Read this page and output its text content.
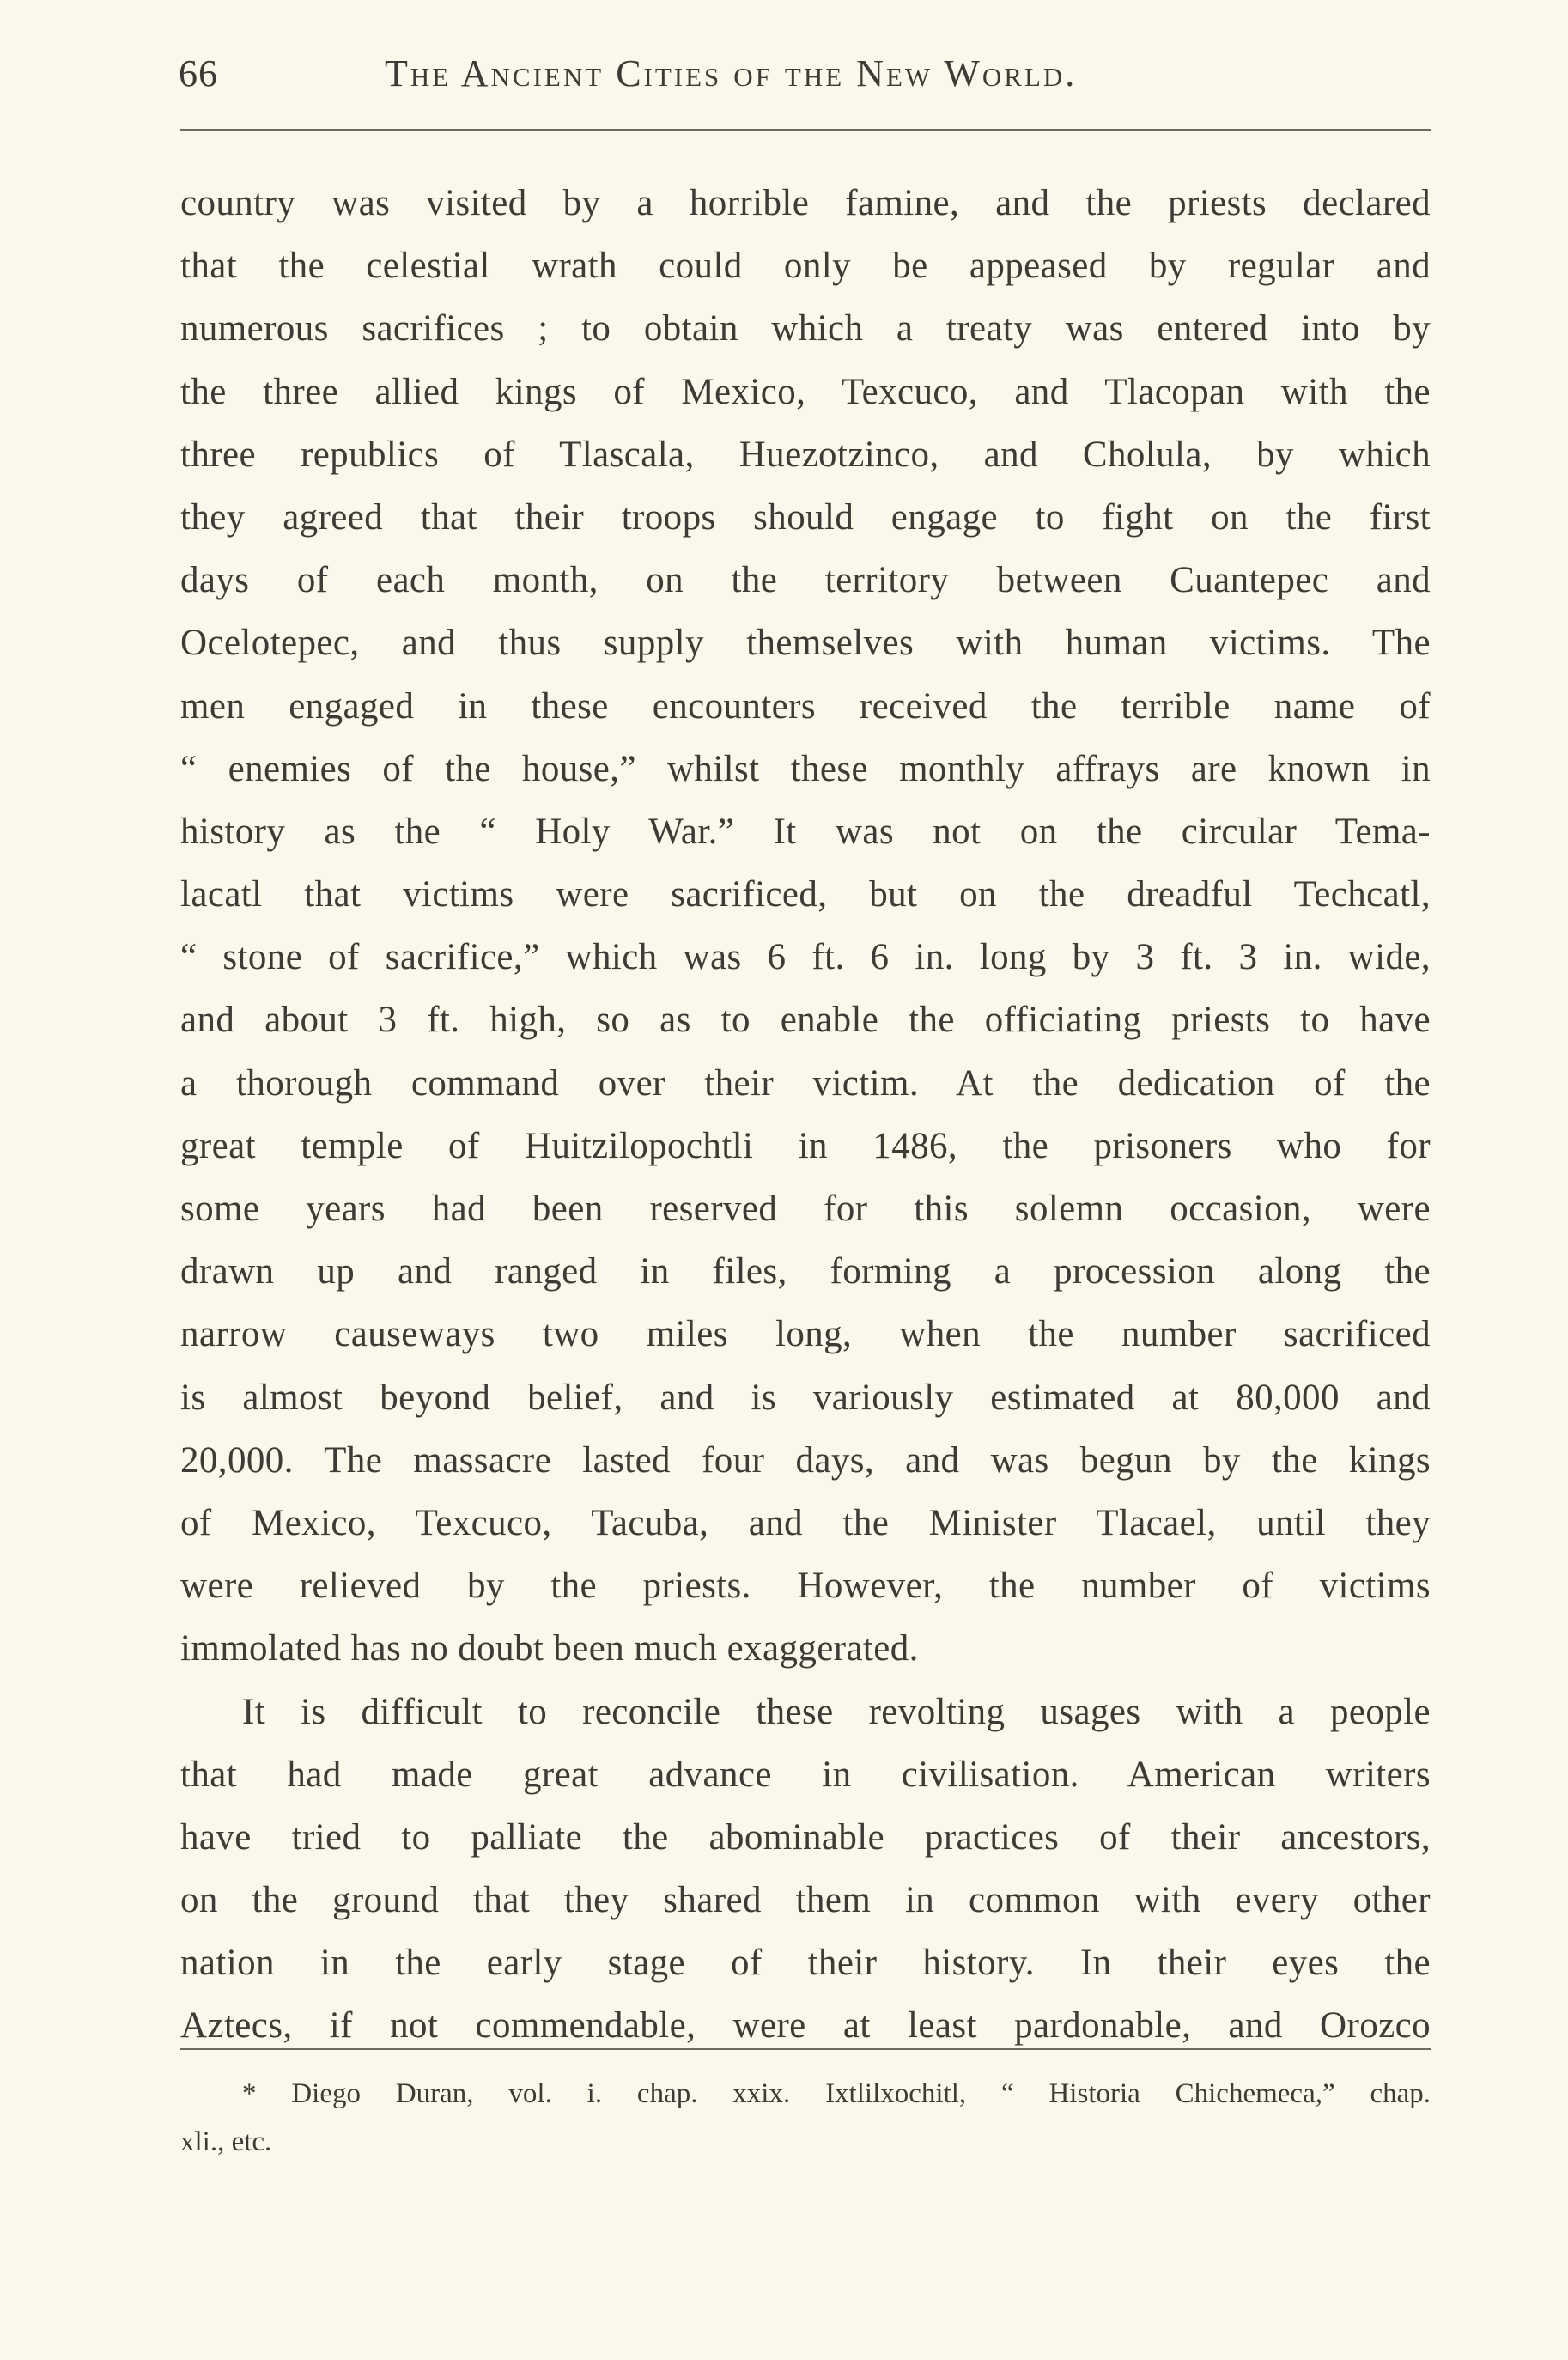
66	The Ancient Cities of the New World.
country was visited by a horrible famine, and the priests declared
that the celestial wrath could only be appeased by regular and
numerous sacrifices ; to obtain which a treaty was entered into by
the three allied kings of Mexico, Texcuco, and Tlacopan with the
three republics of Tlascala, Huezotzinco, and Cholula, by which
they agreed that their troops should engage to fight on the first
days of each month, on the territory between Cuantepec and
Ocelotepec, and thus supply themselves with human victims. The
men engaged in these encounters received the terrible name of
“ enemies of the house,” whilst these monthly affrays are known in
history as the “ Holy War.” It was not on the circular Tema-
lacatl that victims were sacrificed, but on the dreadful Techcatl,
“ stone of sacrifice,” which was 6 ft. 6 in. long by 3 ft. 3 in. wide,
and about 3 ft. high, so as to enable the officiating priests to have
a thorough command over their victim. At the dedication of the
great temple of Huitzilopochtli in 1486, the prisoners who for
some years had been reserved for this solemn occasion, were
drawn up and ranged in files, forming a procession along the
narrow causeways two miles long, when the number sacrificed
is almost beyond belief, and is variously estimated at 80,000 and
20,000. The massacre lasted four days, and was begun by the kings
of Mexico, Texcuco, Tacuba, and the Minister Tlacael, until they
were relieved by the priests. However, the number of victims
immolated has no doubt been much exaggerated.
It is difficult to reconcile these revolting usages with a people
that had made great advance in civilisation. American writers
have tried to palliate the abominable practices of their ancestors,
on the ground that they shared them in common with every other
nation in the early stage of their history. In their eyes the
Aztecs, if not commendable, were at least pardonable, and Orozco
* Diego Duran, vol. i. chap. xxix. Ixtlilxochitl, “ Historia Chichemeca,” chap.
xli., etc.
